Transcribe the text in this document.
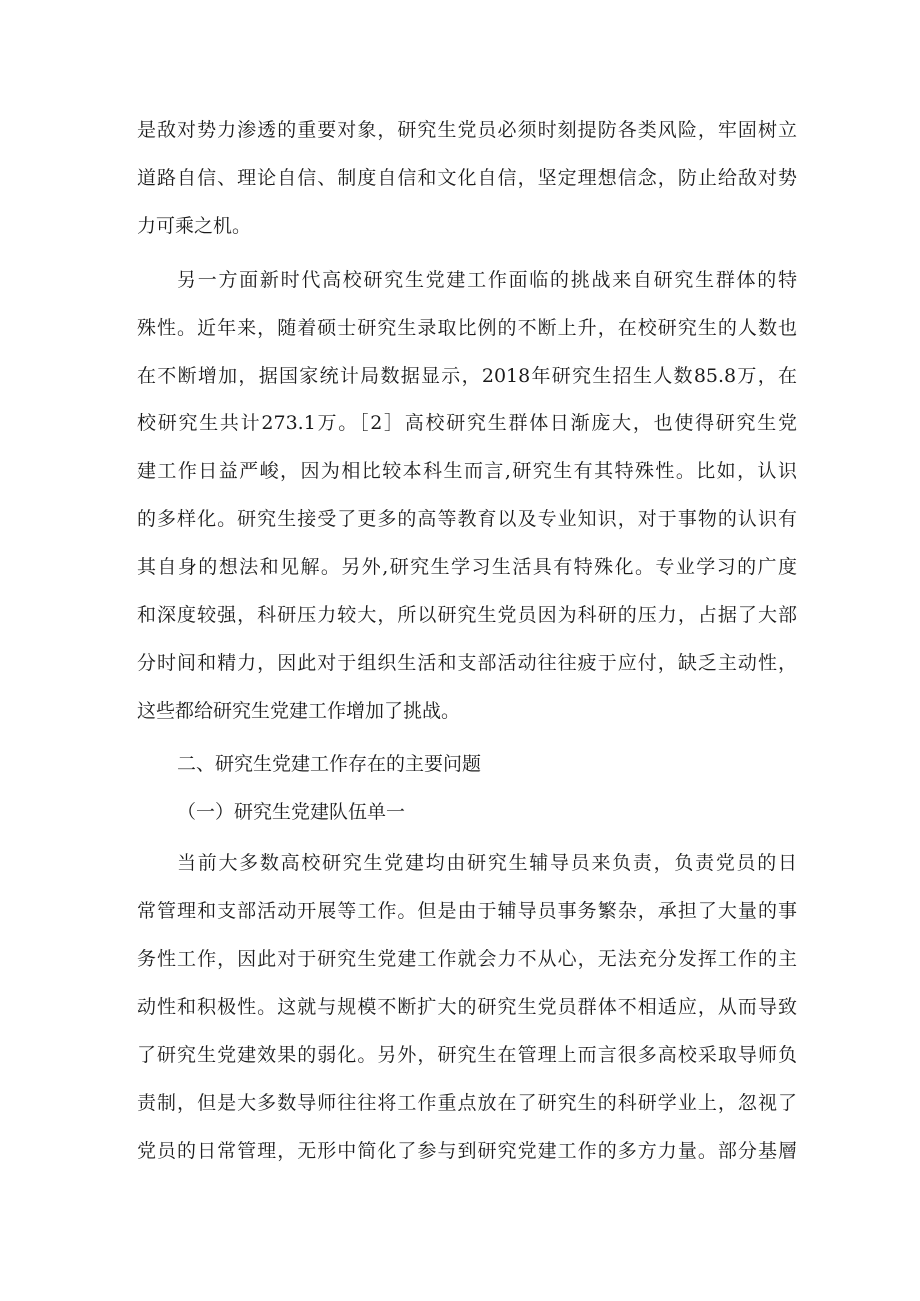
是敌对势力渗透的重要对象，研究生党员必须时刻提防各类风险，牢固树立
道路自信、理论自信、制度自信和文化自信，坚定理想信念，防止给敌对势
力可乘之机。
另一方面新时代高校研究生党建工作面临的挑战来自研究生群体的特
殊性。近年来，随着硕士研究生录取比例的不断上升，在校研究生的人数也
在不断增加，据国家统计局数据显示，2018年研究生招生人数85.8万，在
校研究生共计273.1万。［2］高校研究生群体日渐庞大，也使得研究生党
建工作日益严峻，因为相比较本科生而言,研究生有其特殊性。比如，认识
的多样化。研究生接受了更多的高等教育以及专业知识，对于事物的认识有
其自身的想法和见解。另外,研究生学习生活具有特殊化。专业学习的广度
和深度较强，科研压力较大，所以研究生党员因为科研的压力，占据了大部
分时间和精力，因此对于组织生活和支部活动往往疲于应付，缺乏主动性，
这些都给研究生党建工作增加了挑战。
二、研究生党建工作存在的主要问题
（一）研究生党建队伍单一
当前大多数高校研究生党建均由研究生辅导员来负责，负责党员的日
常管理和支部活动开展等工作。但是由于辅导员事务繁杂，承担了大量的事
务性工作，因此对于研究生党建工作就会力不从心，无法充分发挥工作的主
动性和积极性。这就与规模不断扩大的研究生党员群体不相适应，从而导致
了研究生党建效果的弱化。另外，研究生在管理上而言很多高校采取导师负
责制，但是大多数导师往往将工作重点放在了研究生的科研学业上，忽视了
党员的日常管理，无形中简化了参与到研究党建工作的多方力量。部分基層
